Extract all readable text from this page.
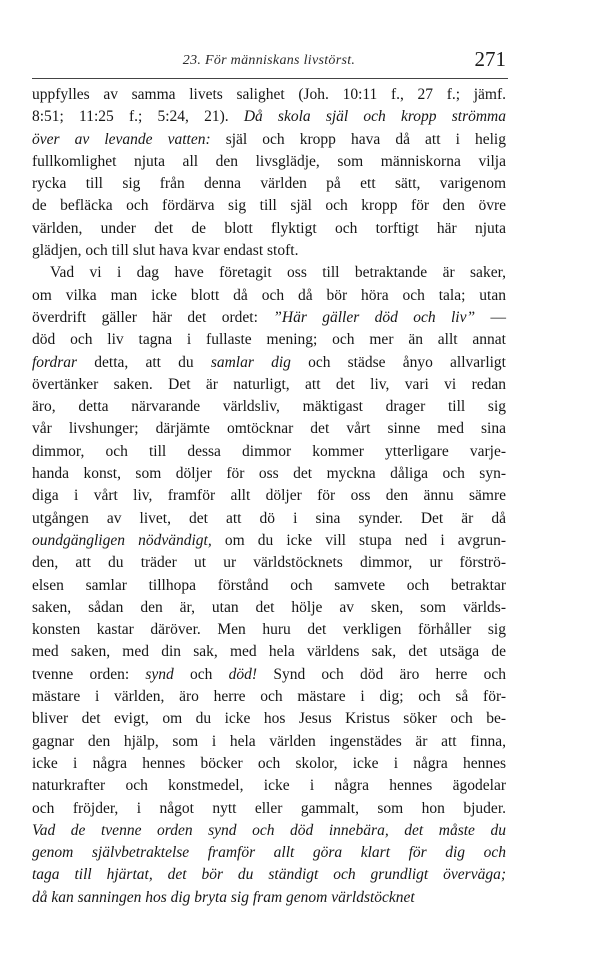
23. För människans livstörst.	271
uppfylles av samma livets salighet (Joh. 10:11 f., 27 f.; jämf.
8:51; 11:25 f.; 5:24, 21). Då skola själ och kropp strömma
över av levande vatten: själ och kropp hava då att i helig
fullkomlighet njuta all den livsglädje, som människorna vilja
rycka till sig från denna världen på ett sätt, varigenom
de befläcka och fördärva sig till själ och kropp för den övre
världen, under det de blott flyktigt och torftigt här njuta
glädjen, och till slut hava kvar endast stoft.
Vad vi i dag have företagit oss till betraktande är saker,
om vilka man icke blott då och då bör höra och tala; utan
överdrift gäller här det ordet: ”Här gäller död och liv” —
död och liv tagna i fullaste mening; och mer än allt annat
fordrar detta, att du samlar dig och städse ånyo allvarligt
övertänker saken. Det är naturligt, att det liv, vari vi redan
äro, detta närvarande världsliv, mäktigast drager till sig
vår livshunger; därjämte omtöcknar det vårt sinne med sina
dimmor, och till dessa dimmor kommer ytterligare varje-
handa konst, som döljer för oss det myckna dåliga och syn-
diga i vårt liv, framför allt döljer för oss den ännu sämre
utgången av livet, det att dö i sina synder. Det är då
oundgängligen nödvändigt, om du icke vill stupa ned i avgrun-
den, att du träder ut ur världstöcknets dimmor, ur förströ-
elsen samlar tillhopa förstånd och samvete och betraktar
saken, sådan den är, utan det hölje av sken, som världs-
konsten kastar däröver. Men huru det verkligen förhåller sig
med saken, med din sak, med hela världens sak, det utsäga de
tvenne orden: synd och död! Synd och död äro herre och
mästare i världen, äro herre och mästare i dig; och så för-
bliver det evigt, om du icke hos Jesus Kristus söker och be-
gagnar den hjälp, som i hela världen ingenstädes är att finna,
icke i några hennes böcker och skolor, icke i några hennes
naturkrafter och konstmedel, icke i några hennes ägodelar
och fröjder, i något nytt eller gammalt, som hon bjuder.
Vad de tvenne orden synd och död innebära, det måste du
genom självbetraktelse framför allt göra klart för dig och
taga till hjärtat, det bör du ständigt och grundligt överväga;
då kan sanningen hos dig bryta sig fram genom världstöcknet
